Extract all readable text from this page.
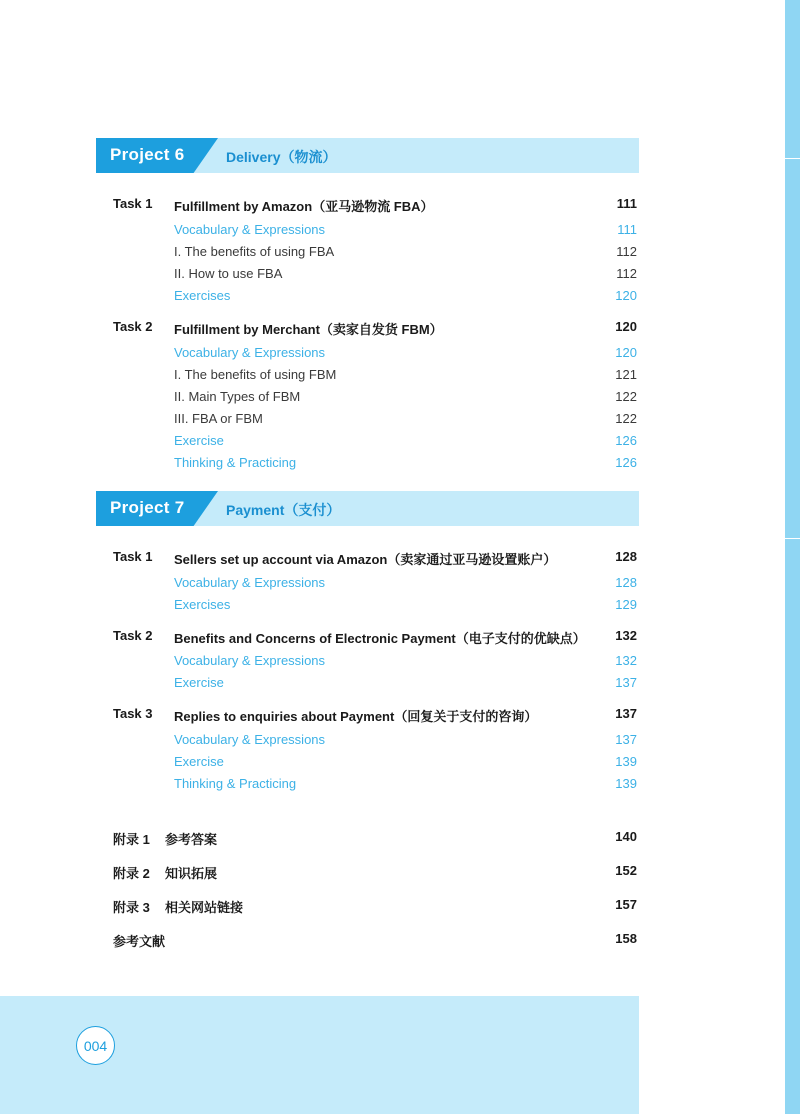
Project 6	Delivery（物流）
Task 1 Fulfillment by Amazon（亚马逊物流 FBA）	111
Vocabulary & Expressions	111
I. The benefits of using FBA	112
II. How to use FBA	112
Exercises	120
Task 2 Fulfillment by Merchant（卖家自发货 FBM）	120
Vocabulary & Expressions	120
I. The benefits of using FBM	121
II. Main Types of FBM	122
III. FBA or FBM	122
Exercise	126
Thinking & Practicing	126
Project 7	Payment（支付）
Task 1 Sellers set up account via Amazon（卖家通过亚马逊设置账户）	128
Vocabulary & Expressions	128
Exercises	129
Task 2 Benefits and Concerns of Electronic Payment（电子支付的优缺点） 132
Vocabulary & Expressions	132
Exercise	137
Task 3 Replies to enquiries about Payment（回复关于支付的咨询）	137
Vocabulary & Expressions	137
Exercise	139
Thinking & Practicing	139
附录 1 参考答案	140
附录 2 知识拓展	152
附录 3 相关网站链接	157
参考文献	158
004
